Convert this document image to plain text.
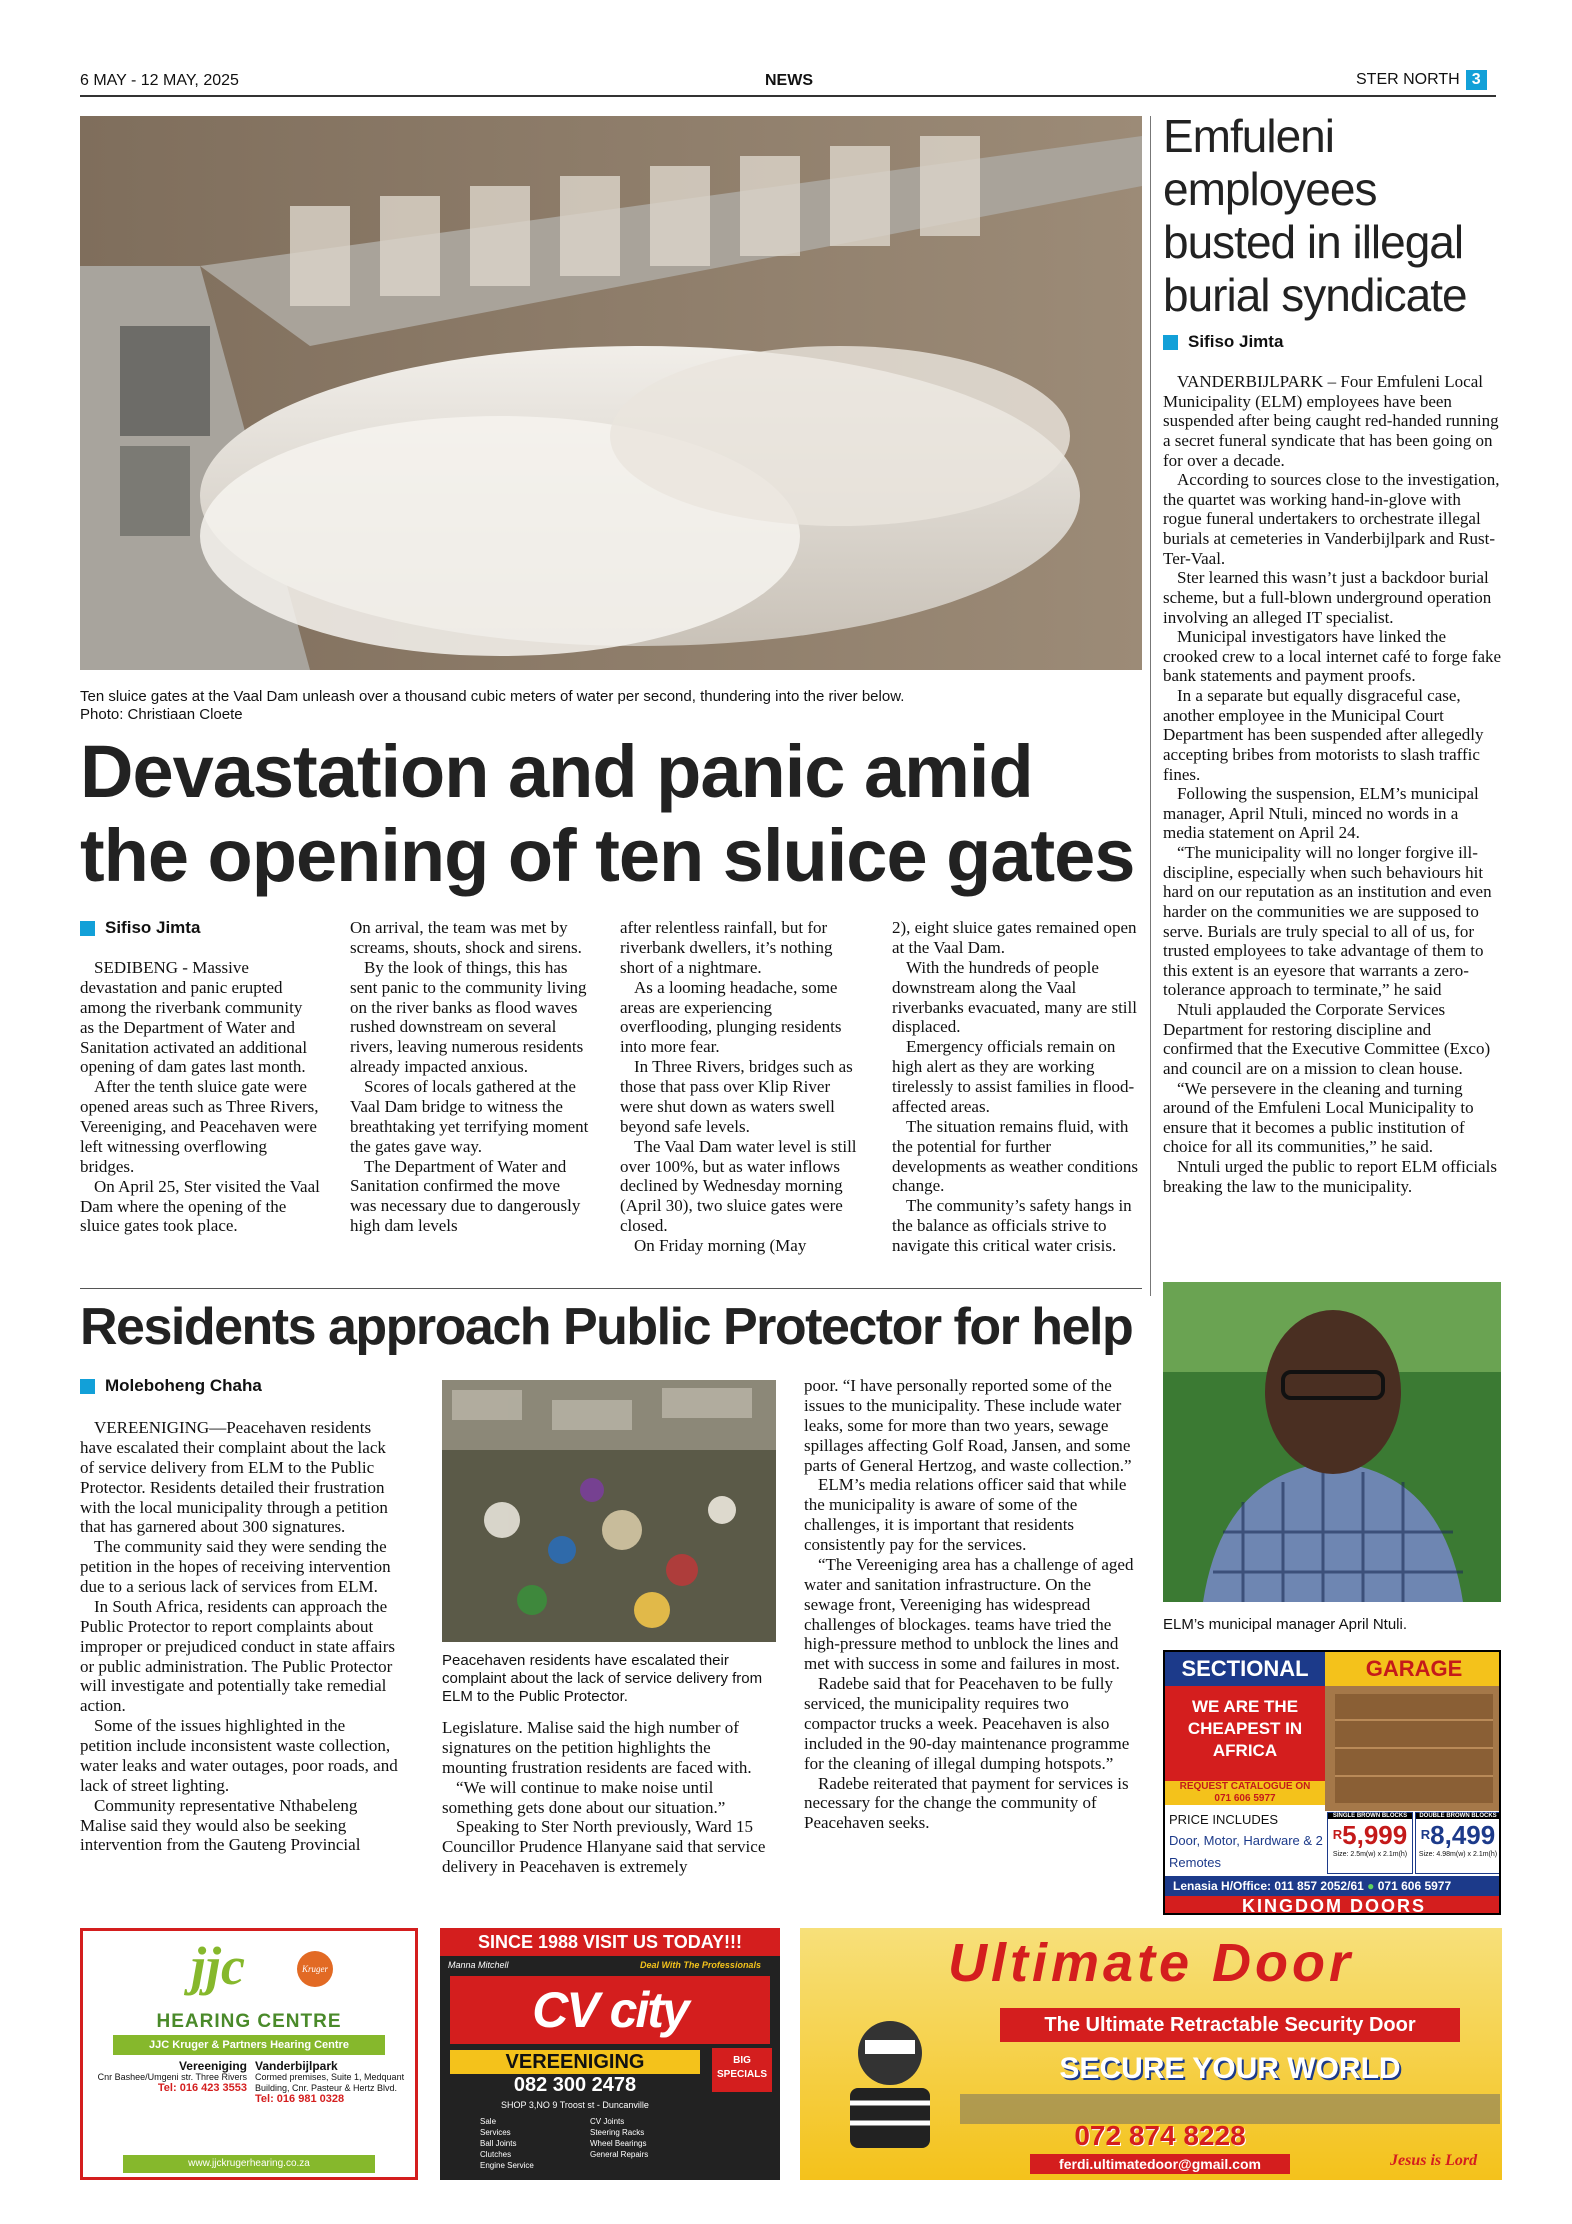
6 MAY - 12 MAY, 2025	NEWS	STER NORTH 3
Ten sluice gates at the Vaal Dam unleash over a thousand cubic meters of water per second, thundering into the river below.
Photo: Christiaan Cloete
Devastation and panic amid
the opening of ten sluice gates
Sifiso Jimta

SEDIBENG - Massive devastation and panic erupted among the riverbank community as the Department of Water and Sanitation activated an additional opening of dam gates last month.

After the tenth sluice gate were opened areas such as Three Rivers, Vereeniging, and Peacehaven were left witnessing overflowing bridges.

On April 25, Ster visited the Vaal Dam where the opening of the sluice gates took place.

On arrival, the team was met by screams, shouts, shock and sirens.

By the look of things, this has sent panic to the community living on the river banks as flood waves rushed downstream on several rivers, leaving numerous residents already impacted anxious.

Scores of locals gathered at the Vaal Dam bridge to witness the breathtaking yet terrifying moment the gates gave way.

The Department of Water and Sanitation confirmed the move was necessary due to dangerously high dam levels

after relentless rainfall, but for riverbank dwellers, it’s nothing short of a nightmare.

As a looming headache, some areas are experiencing overflooding, plunging residents into more fear.

In Three Rivers, bridges such as those that pass over Klip River were shut down as waters swell beyond safe levels.

The Vaal Dam water level is still over 100%, but as water inflows declined by Wednesday morning (April 30), two sluice gates were closed.

On Friday morning (May

2), eight sluice gates remained open at the Vaal Dam.

With the hundreds of people downstream along the Vaal riverbanks evacuated, many are still displaced.

Emergency officials remain on high alert as they are working tirelessly to assist families in flood-affected areas.

The situation remains fluid, with the potential for further developments as weather conditions change.

The community’s safety hangs in the balance as officials strive to navigate this critical water crisis.

Emfuleni employees busted in illegal burial syndicate
Sifiso Jimta

VANDERBIJLPARK – Four Emfuleni Local Municipality (ELM) employees have been suspended after being caught red-handed running a secret funeral syndicate that has been going on for over a decade.

According to sources close to the investigation, the quartet was working hand-in-glove with rogue funeral undertakers to orchestrate illegal burials at cemeteries in Vanderbijlpark and Rust-Ter-Vaal.

Ster learned this wasn’t just a backdoor burial scheme, but a full-blown underground operation involving an alleged IT specialist.

Municipal investigators have linked the crooked crew to a local internet café to forge fake bank statements and payment proofs.

In a separate but equally disgraceful case, another employee in the Municipal Court Department has been suspended after allegedly accepting bribes from motorists to slash traffic fines.

Following the suspension, ELM’s municipal manager, April Ntuli, minced no words in a media statement on April 24.

“The municipality will no longer forgive ill-discipline, especially when such behaviours hit hard on our reputation as an institution and even harder on the communities we are supposed to serve. Burials are truly special to all of us, for trusted employees to take advantage of them to this extent is an eyesore that warrants a zero-tolerance approach to terminate,” he said

Ntuli applauded the Corporate Services Department for restoring discipline and confirmed that the Executive Committee (Exco) and council are on a mission to clean house.

“We persevere in the cleaning and turning around of the Emfuleni Local Municipality to ensure that it becomes a public institution of choice for all its communities,” he said.

Nntuli urged the public to report ELM officials breaking the law to the municipality.

ELM’s municipal manager April Ntuli.
SECTIONAL	GARAGE
WE ARE THE CHEAPEST IN AFRICA
REQUEST CATALOGUE ON
071 606 5977
PRICE INCLUDES
Door, Motor, Hardware & 2 Remotes
SINGLE BROWN BLOCKS
$^R$5,999
Size: 2.5m(w) x 2.1m(h)
DOUBLE BROWN BLOCKS
$^R$8,499
Size: 4.98m(w) x 2.1m(h)
Lenasia H/Office: 011 857 2052/61 ● 071 606 5977
KINGDOM DOORS
Residents approach Public Protector for help
Moleboheng Chaha

VEREENIGING—Peacehaven residents have escalated their complaint about the lack of service delivery from ELM to the Public Protector. Residents detailed their frustration with the local municipality through a petition that has garnered about 300 signatures.

The community said they were sending the petition in the hopes of receiving intervention due to a serious lack of services from ELM.

In South Africa, residents can approach the Public Protector to report complaints about improper or prejudiced conduct in state affairs or public administration. The Public Protector will investigate and potentially take remedial action.

Some of the issues highlighted in the petition include inconsistent waste collection, water leaks and water outages, poor roads, and lack of street lighting.

Community representative Nthabeleng Malise said they would also be seeking intervention from the Gauteng Provincial

Peacehaven residents have escalated their complaint about the lack of service delivery from ELM to the Public Protector.

Legislature. Malise said the high number of signatures on the petition highlights the mounting frustration residents are faced with.

“We will continue to make noise until something gets done about our situation.”

Speaking to Ster North previously, Ward 15 Councillor Prudence Hlanyane said that service delivery in Peacehaven is extremely

poor. “I have personally reported some of the issues to the municipality. These include water leaks, some for more than two years, sewage spillages affecting Golf Road, Jansen, and some parts of General Hertzog, and waste collection.”

ELM’s media relations officer said that while the municipality is aware of some of the challenges, it is important that residents consistently pay for the services.

“The Vereeniging area has a challenge of aged water and sanitation infrastructure. On the sewage front, Vereeniging has widespread challenges of blockages. teams have tried the high-pressure method to unblock the lines and met with success in some and failures in most.

Radebe said that for Peacehaven to be fully serviced, the municipality requires two compactor trucks a week. Peacehaven is also included in the 90-day maintenance programme for the cleaning of illegal dumping hotspots.”

Radebe reiterated that payment for services is necessary for the change the community of Peacehaven seeks.

jjc	Kruger
HEARING CENTRE
JJC Kruger & Partners Hearing Centre
Vereeniging
Cnr Bashee/Umgeni str. Three Rivers
Tel: 016 423 3553
Vanderbijlpark
Cormed premises, Suite 1, Medquant Building, Cnr. Pasteur & Hertz Blvd.
Tel: 016 981 0328
www.jjckrugerhearing.co.za
SINCE 1988 VISIT US TODAY!!!
Manna Mitchell	Deal With The Professionals
CV city
VEREENIGING	BIG SPECIALS
082 300 2478
SHOP 3,NO 9 Troost st - Duncanville
Sale
Services
Ball Joints
Clutches
Engine Service
CV Joints
Steering Racks
Wheel Bearings
General Repairs
Ultimate Door
The Ultimate Retractable Security Door
SECURE YOUR WORLD
072 874 8228
ferdi.ultimatedoor@gmail.com	Jesus is Lord
